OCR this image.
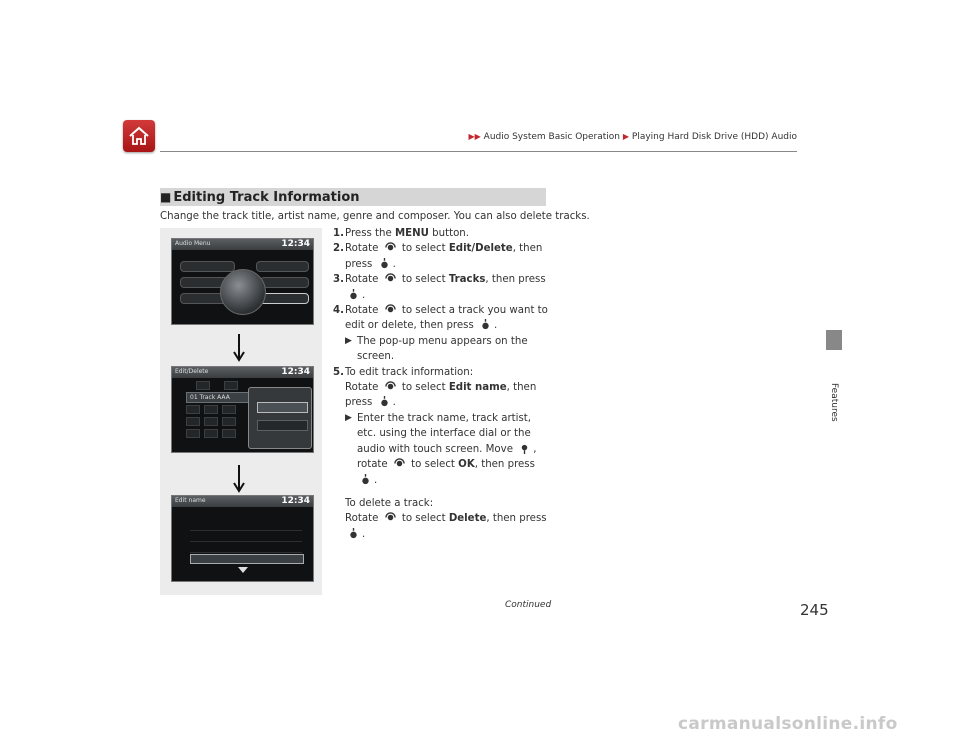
▶▶ Audio System Basic Operation ▶ Playing Hard Disk Drive (HDD) Audio
Features
■ Editing Track Information
Change the track title, artist name, genre and composer. You can also delete tracks.
Audio Menu	12:34
Edit/Delete	12:34
01 Track AAA
Edit name	12:34
1. Press the MENU button.
2. Rotate  to select Edit/Delete, then press .
3. Rotate  to select Tracks, then press .
4. Rotate  to select a track you want to edit or delete, then press .
▶ The pop-up menu appears on the screen.
5. To edit track information:
Rotate  to select Edit name, then press .
▶ Enter the track name, track artist, etc. using the interface dial or the audio with touch screen. Move , rotate  to select OK, then press .
To delete a track:
Rotate  to select Delete, then press .
Continued	245
carmanualsonline.info
